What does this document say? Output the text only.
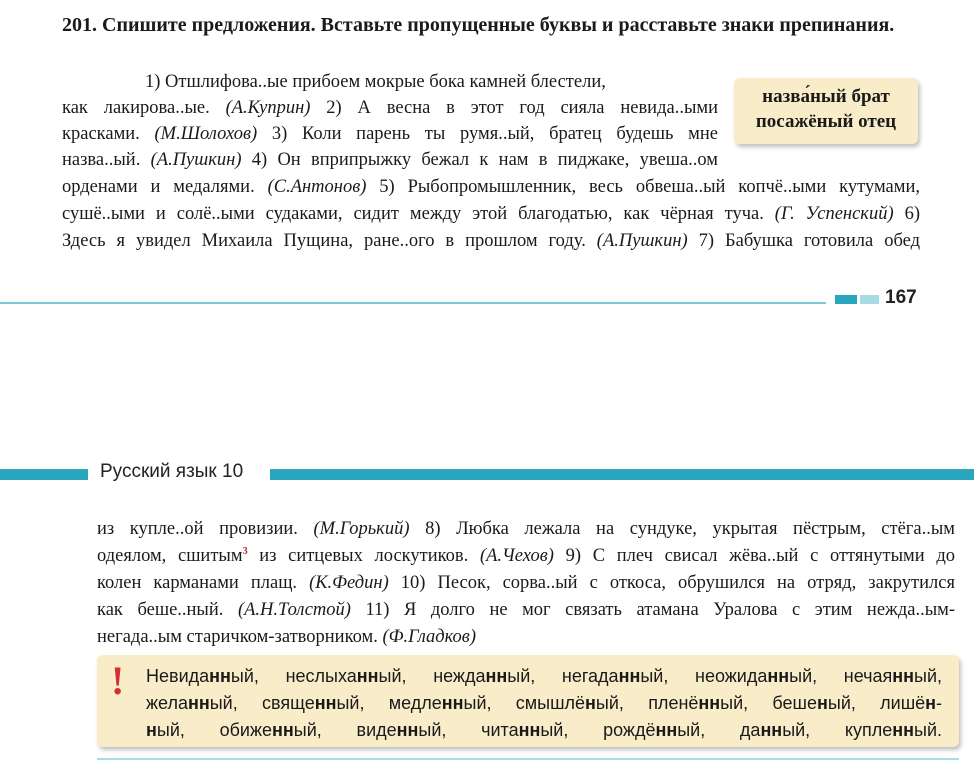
201. Спишите предложения. Вставьте пропущенные буквы и расставьте знаки препинания.
назва́ный брат
посажёный отец
1) Отшлифова..ые прибоем мокрые бока камней блестели,
как лакирова..ые. (А.Куприн) 2) А весна в этот год сияла невида..ыми
красками. (М.Шолохов) 3) Коли парень ты румя..ый, братец будешь мне
назва..ый. (А.Пушкин) 4) Он вприпрыжку бежал к нам в пиджаке, увеша..ом
орденами и медалями. (С.Антонов) 5) Рыбопромышленник, весь обвеша..ый копчё..ыми кутумами,
сушё..ыми и солё..ыми судаками, сидит между этой благодатью, как чёрная туча. (Г. Успенский) 6)
Здесь я увидел Михаила Пущина, ране..ого в прошлом году. (А.Пушкин) 7) Бабушка готовила обед
167
Русский язык 10
из купле..ой провизии. (М.Горький) 8) Любка лежала на сундуке, укрытая пёстрым, стёга..ым
одеялом, сшитым$^3$ из ситцевых лоскутиков. (А.Чехов) 9) С плеч свисал жёва..ый с оттянутыми до
колен карманами плащ. (К.Федин) 10) Песок, сорва..ый с откоса, обрушился на отряд, закрутился
как беше..ный. (А.Н.Толстой) 11) Я долго не мог связать атамана Уралова с этим нежда..ым-
негада..ым старичком-затворником. (Ф.Гладков)
! Невиданный, неслыханный, нежданный, негаданный, неожиданный, нечаянный,
желанный, священный, медленный, смышлёный, пленённый, бешеный, лишён-
ный, обиженный, виденный, читанный, рождённый, данный, купленный.
